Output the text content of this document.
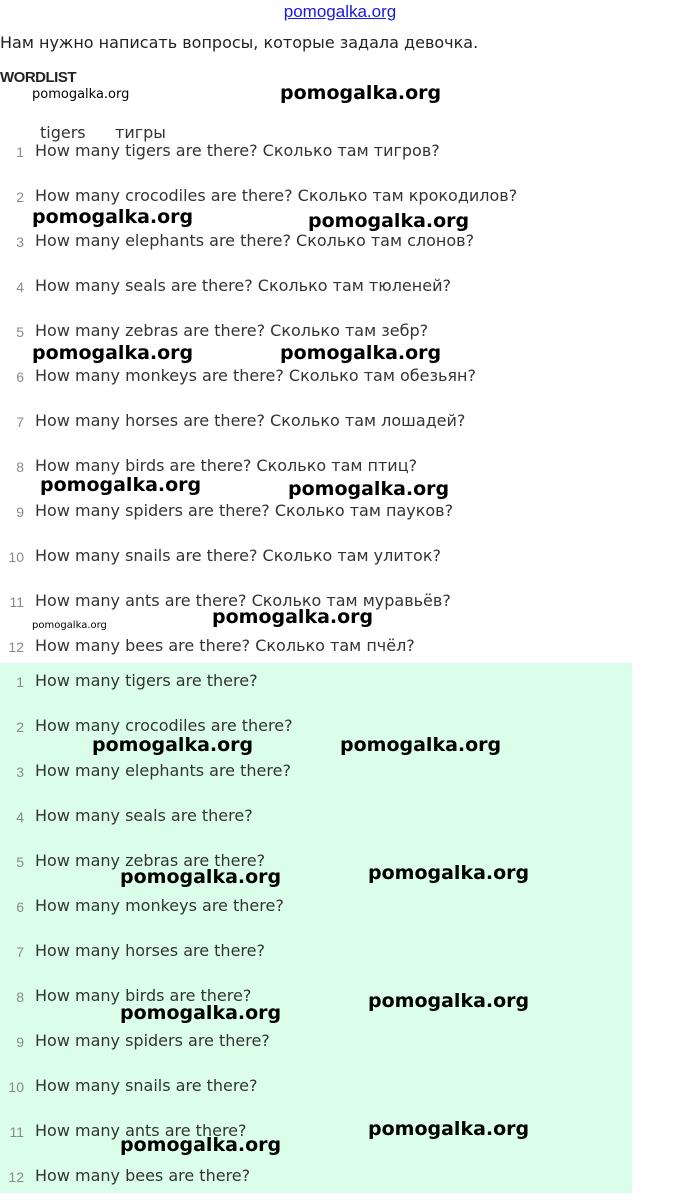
pomogalka.org
Нам нужно написать вопросы, которые задала девочка.
WORDLIST
tigers тигры
1 How many tigers are there? Сколько там тигров?
2 How many crocodiles are there? Сколько там крокодилов?
3 How many elephants are there? Сколько там слонов?
4 How many seals are there? Сколько там тюленей?
5 How many zebras are there? Сколько там зебр?
6 How many monkeys are there? Сколько там обезьян?
7 How many horses are there? Сколько там лошадей?
8 How many birds are there? Сколько там птиц?
9 How many spiders are there? Сколько там пауков?
10 How many snails are there? Сколько там улиток?
11 How many ants are there? Сколько там муравьёв?
12 How many bees are there? Сколько там пчёл?
1 How many tigers are there?
2 How many crocodiles are there?
3 How many elephants are there?
4 How many seals are there?
5 How many zebras are there?
6 How many monkeys are there?
7 How many horses are there?
8 How many birds are there?
9 How many spiders are there?
10 How many snails are there?
11 How many ants are there?
12 How many bees are there?
pomogalka.org	pomogalka.org
pomogalka.org	pomogalka.org
pomogalka.org	pomogalka.org
pomogalka.org	pomogalka.org
pomogalka.org	pomogalka.org
pomogalka.org	pomogalka.org
pomogalka.org	pomogalka.org
pomogalka.org
pomogalka.org
pomogalka.org
pomogalka.org
